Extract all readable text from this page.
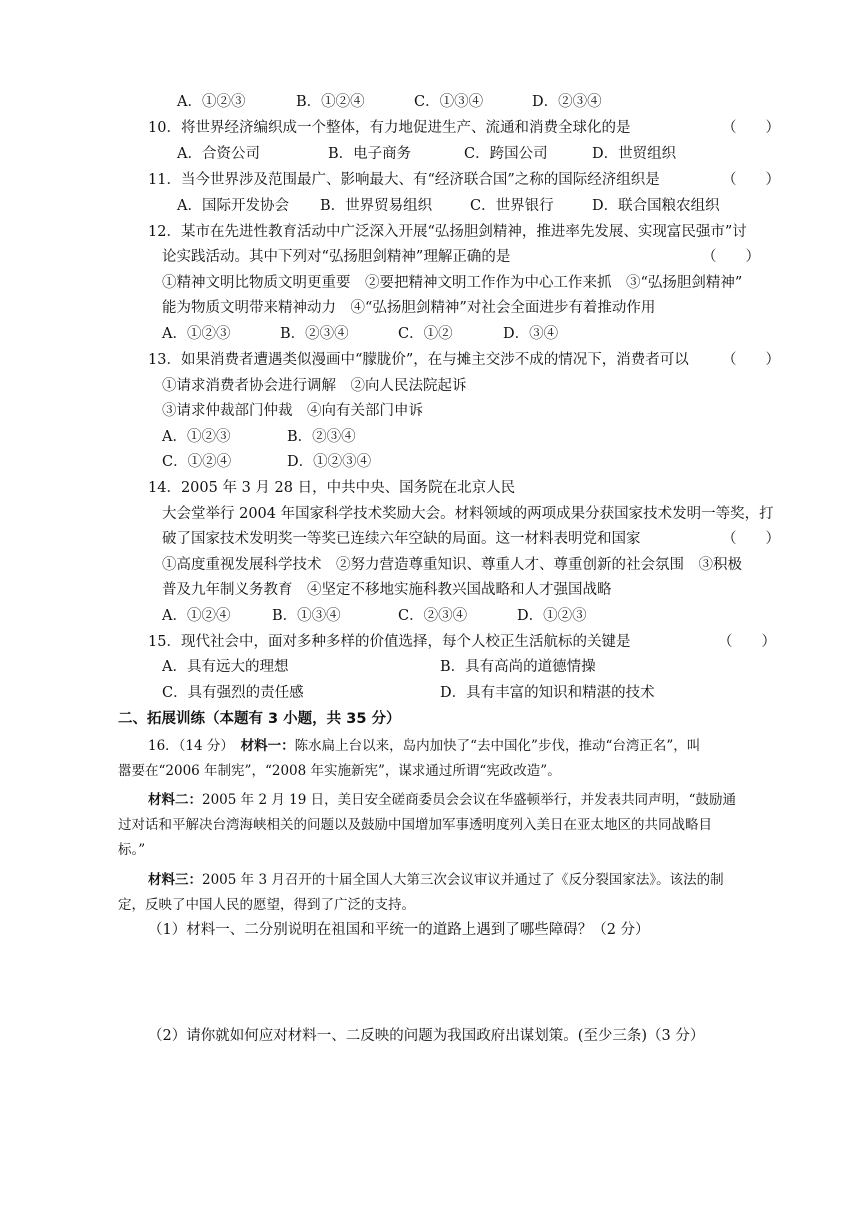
A．①②③	B．①②④	C．①③④	D．②③④
10．将世界经济编织成一个整体，有力地促进生产、流通和消费全球化的是	（　　）
A．合资公司	B．电子商务	C．跨国公司	D．世贸组织
11．当今世界涉及范围最广、影响最大、有“经济联合国”之称的国际经济组织是	（　　）
A．国际开发协会 B．世界贸易组织	C．世界银行	D．联合国粮农组织
12．某市在先进性教育活动中广泛深入开展“弘扬胆剑精神，推进率先发展、实现富民强市”讨
论实践活动。其中下列对“弘扬胆剑精神”理解正确的是	（　　）
①精神文明比物质文明更重要　②要把精神文明工作作为中心工作来抓　③“弘扬胆剑精神”
能为物质文明带来精神动力　④“弘扬胆剑精神”对社会全面进步有着推动作用
A．①②③	B．②③④	C．①②	D．③④
13．如果消费者遭遇类似漫画中“朦胧价”，在与摊主交涉不成的情况下，消费者可以 （　　）
①请求消费者协会进行调解　②向人民法院起诉
③请求仲裁部门仲裁　④向有关部门申诉
A．①②③	B．②③④
C．①②④	D．①②③④
14．2005 年 3 月 28 日，中共中央、国务院在北京人民
大会堂举行 2004 年国家科学技术奖励大会。材料领域的两项成果分获国家技术发明一等奖，打
破了国家技术发明奖一等奖已连续六年空缺的局面。这一材料表明党和国家	（　　）
①高度重视发展科学技术　②努力营造尊重知识、尊重人才、尊重创新的社会氛围　③积极
普及九年制义务教育　④坚定不移地实施科教兴国战略和人才强国战略
A．①②④	B．①③④	C．②③④	D．①②③
15．现代社会中，面对多种多样的价值选择，每个人校正生活航标的关键是	（　　）
A．具有远大的理想	B．具有高尚的道德情操
C．具有强烈的责任感	D．具有丰富的知识和精湛的技术
二、拓展训练（本题有 3 小题，共 35 分）
16．（14 分）　材料一：陈水扁上台以来，岛内加快了“去中国化”步伐，推动“台湾正名”，叫
嚣要在“2006 年制宪”，“2008 年实施新宪”，谋求通过所谓“宪政改造”。
材料二：2005 年 2 月 19 日，美日安全磋商委员会会议在华盛顿举行，并发表共同声明，“鼓励通
过对话和平解决台湾海峡相关的问题以及鼓励中国增加军事透明度列入美日在亚太地区的共同战略目
标。”
材料三：2005 年 3 月召开的十届全国人大第三次会议审议并通过了《反分裂国家法》。该法的制
定，反映了中国人民的愿望，得到了广泛的支持。
（1）材料一、二分别说明在祖国和平统一的道路上遇到了哪些障碍？（2 分）
（2）请你就如何应对材料一、二反映的问题为我国政府出谋划策。(至少三条)（3 分）
